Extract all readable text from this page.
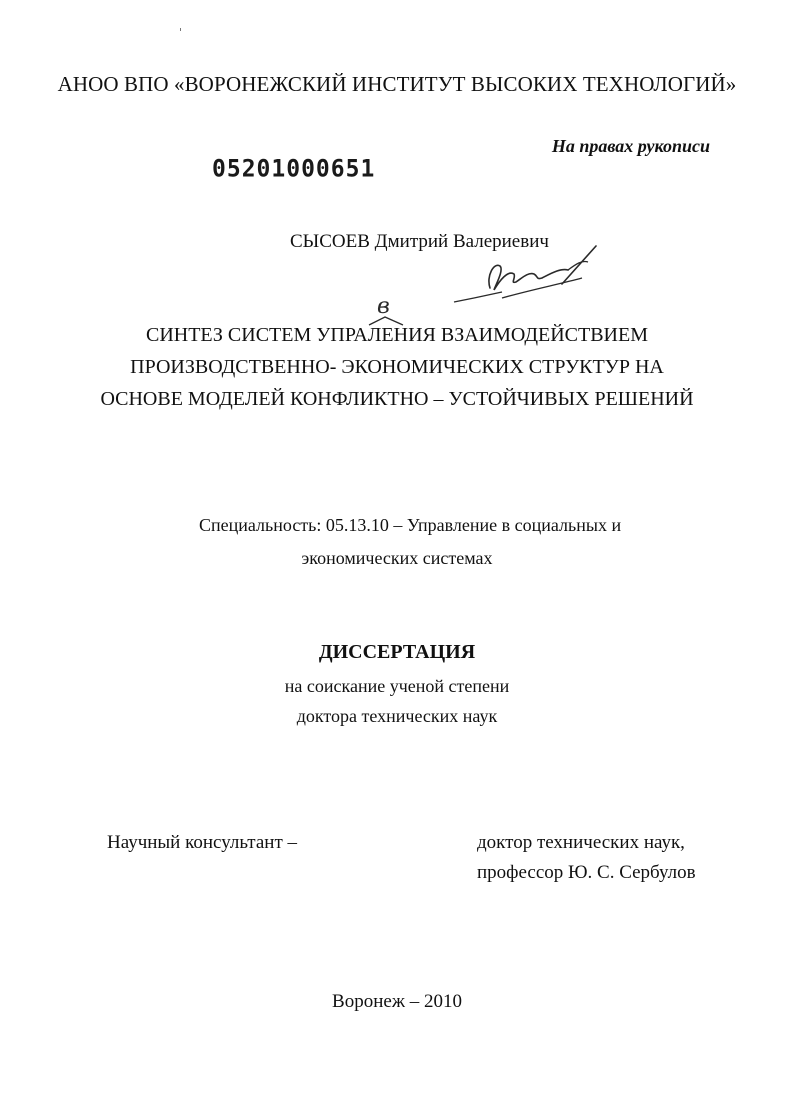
АНОО ВПО «ВОРОНЕЖСКИЙ ИНСТИТУТ ВЫСОКИХ ТЕХНОЛОГИЙ»
На правах рукописи
05201000651
СЫСОЕВ Дмитрий Валериевич
в
СИНТЕЗ СИСТЕМ УПРАЛЕНИЯ ВЗАИМОДЕЙСТВИЕМ
ПРОИЗВОДСТВЕННО- ЭКОНОМИЧЕСКИХ СТРУКТУР НА
ОСНОВЕ МОДЕЛЕЙ КОНФЛИКТНО – УСТОЙЧИВЫХ РЕШЕНИЙ
Специальность: 05.13.10 – Управление в социальных и
экономических системах
ДИССЕРТАЦИЯ
на соискание ученой степени
доктора технических наук
Научный консультант –	доктор технических наук,
профессор Ю. С. Сербулов
Воронеж – 2010
